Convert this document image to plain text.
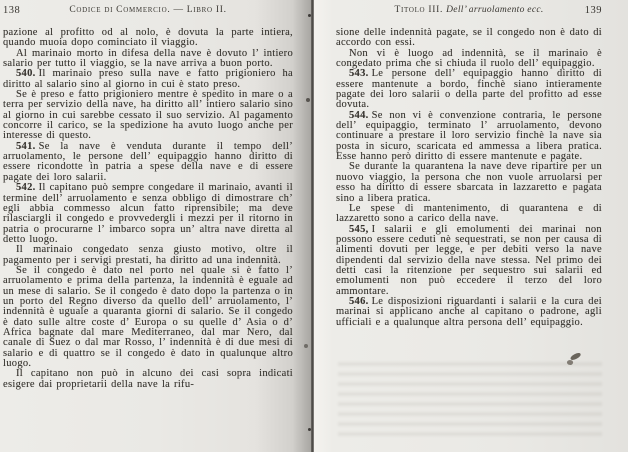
138	Codice di Commercio. — Libro II.

pazione al profitto od al nolo, è dovuta la parte intiera, quando muoia dopo cominciato il viaggio.

Al marinaio morto in difesa della nave è dovuto l’ intiero salario per tutto il viaggio, se la nave arriva a buon porto.

540. Il marinaio preso sulla nave e fatto prigioniero ha diritto al salario sino al giorno in cui è stato preso.

Se è preso e fatto prigioniero mentre è spedito in mare o a terra per servizio della nave, ha diritto all’ intiero salario sino al giorno in cui sarebbe cessato il suo servizio. Al pagamento concorre il carico, se la spedizione ha avuto luogo anche per interesse di questo.

541. Se la nave è venduta durante il tempo dell’ arruolamento, le persone dell’ equipaggio hanno diritto di essere ricondotte in patria a spese della nave e di essere pagate dei loro salarii.

542. Il capitano può sempre congedare il marinaio, avanti il termine dell’ arruolamento e senza obbligo di dimostrare ch’ egli abbia commesso alcun fatto riprensibile; ma deve rilasciargli il congedo e provvedergli i mezzi per il ritorno in patria o procurarne l’ imbarco sopra un’ altra nave diretta al detto luogo.

Il marinaio congedato senza giusto motivo, oltre il pagamento per i servigi prestati, ha diritto ad una indennità.

Se il congedo è dato nel porto nel quale si è fatto l’ arruolamento e prima della partenza, la indennità è eguale ad un mese di salario. Se il congedo è dato dopo la partenza o in un porto del Regno diverso da quello dell’ arruolamento, l’ indennità è uguale a quaranta giorni di salario. Se il congedo è dato sulle altre coste d’ Europa o su quelle d’ Asia o d’ Africa bagnate dal mare Mediterraneo, dal mar Nero, dal canale di Suez o dal mar Rosso, l’ indennità è di due mesi di salario e di quattro se il congedo è dato in qualunque altro luogo.

Il capitano non può in alcuno dei casi sopra indicati esigere dai proprietarii della nave la rifu-

Titolo III. Dell’ arruolamento ecc.	139

sione delle indennità pagate, se il congedo non è dato di accordo con essi.

Non vi è luogo ad indennità, se il marinaio è congedato prima che si chiuda il ruolo dell’ equipaggio.

543. Le persone dell’ equipaggio hanno diritto di essere mantenute a bordo, finchè siano intieramente pagate dei loro salarii o della parte del profitto ad esse dovuta.

544. Se non vi è convenzione contraria, le persone dell’ equipaggio, terminato l’ arruolamento, devono continuare a prestare il loro servizio finchè la nave sia posta in sicuro, scaricata ed ammessa a libera pratica. Esse hanno però diritto di essere mantenute e pagate.

Se durante la quarantena la nave deve ripartire per un nuovo viaggio, la persona che non vuole arruolarsi per esso ha diritto di essere sbarcata in lazzaretto e pagata sino a libera pratica.

Le spese di mantenimento, di quarantena e di lazzaretto sono a carico della nave.

545, I salarii e gli emolumenti dei marinai non possono essere ceduti nè sequestrati, se non per causa di alimenti dovuti per legge, e per debiti verso la nave dipendenti dal servizio della nave stessa. Nel primo dei detti casi la ritenzione per sequestro sui salarii ed emolumenti non può eccedere il terzo del loro ammontare.

546. Le disposizioni riguardanti i salarii e la cura dei marinai si applicano anche al capitano o padrone, agli ufficiali e a qualunque altra persona dell’ equipaggio.
